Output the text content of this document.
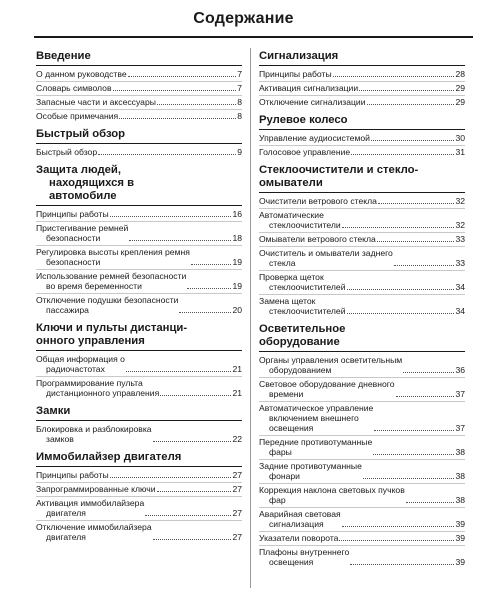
Содержание
Введение
О данном руководстве	7
Словарь символов	7
Запасные части и аксессуары	8
Особые примечания	8
Быстрый обзор
Быстрый обзор	9
Защита людей,
находящихся в
автомобиле
Принципы работы	16
Пристегивание ремней
безопасности	18
Регулировка высоты крепления ремня
безопасности	19
Использование ремней безопасности
во время беременности	19
Отключение подушки безопасности
пассажира	20
Ключи и пульты дистанци-
онного управления
Общая информация о
радиочастотах	21
Программирование пульта
дистанционного управления	21
Замки
Блокировка и разблокировка
замков	22
Иммобилайзер двигателя
Принципы работы	27
Запрограммированные ключи	27
Активация иммобилайзера
двигателя	27
Отключение иммобилайзера
двигателя	27
Сигнализация
Принципы работы	28
Активация сигнализации	29
Отключение сигнализации	29
Рулевое колесо
Управление аудиосистемой	30
Голосовое управление	31
Стеклоочистители и стекло-
омыватели
Очистители ветрового стекла	32
Автоматические
стеклоочистители	32
Омыватели ветрового стекла	33
Очиститель и омыватели заднего
стекла	33
Проверка щеток
стеклоочистителей	34
Замена щеток
стеклоочистителей	34
Осветительное
оборудование
Органы управления осветительным
оборудованием	36
Световое оборудование дневного
времени	37
Автоматическое управление
включением внешнего
освещения	37
Передние противотуманные
фары	38
Задние противотуманные
фонари	38
Коррекция наклона световых пучков
фар	38
Аварийная световая
сигнализация	39
Указатели поворота	39
Плафоны внутреннего
освещения	39
